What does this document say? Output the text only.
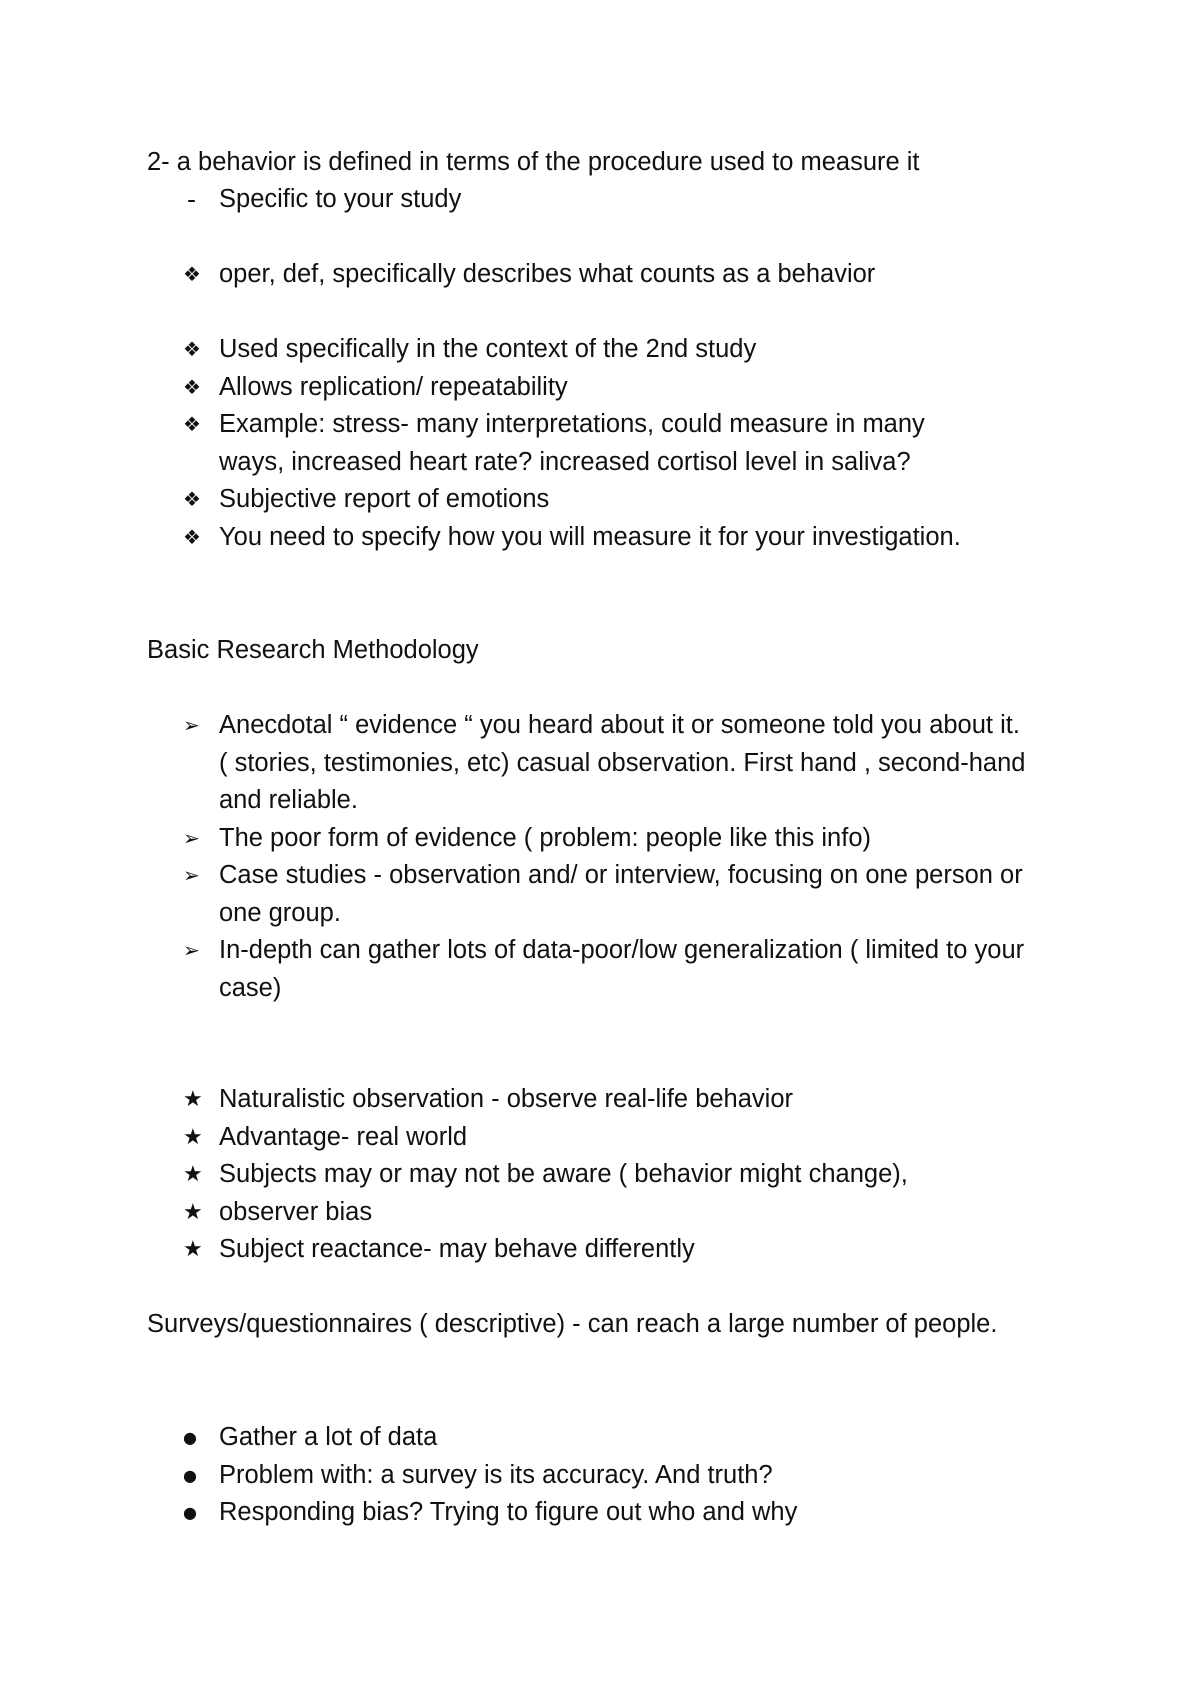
2- a behavior is defined in terms of the procedure used to measure it
- Specific to your study
❖ oper, def, specifically describes what counts as a behavior
❖ Used specifically in the context of the 2nd study
❖ Allows replication/ repeatability
❖ Example: stress- many interpretations, could measure in many ways, increased heart rate? increased cortisol level in saliva?
❖ Subjective report of emotions
❖ You need to specify how you will measure it for your investigation.
Basic Research Methodology
➢ Anecdotal “ evidence “ you heard about it or someone told you about it. ( stories, testimonies, etc) casual observation. First hand , second-hand and reliable.
➢ The poor form of evidence ( problem: people like this info)
➢ Case studies - observation and/ or interview, focusing on one person or one group.
➢ In-depth can gather lots of data-poor/low generalization ( limited to your case)
★ Naturalistic observation - observe real-life behavior
★ Advantage- real world
★ Subjects may or may not be aware ( behavior might change),
★ observer bias
★ Subject reactance- may behave differently
Surveys/questionnaires ( descriptive) - can reach a large number of people.
● Gather a lot of data
● Problem with: a survey is its accuracy. And truth?
● Responding bias? Trying to figure out who and why
